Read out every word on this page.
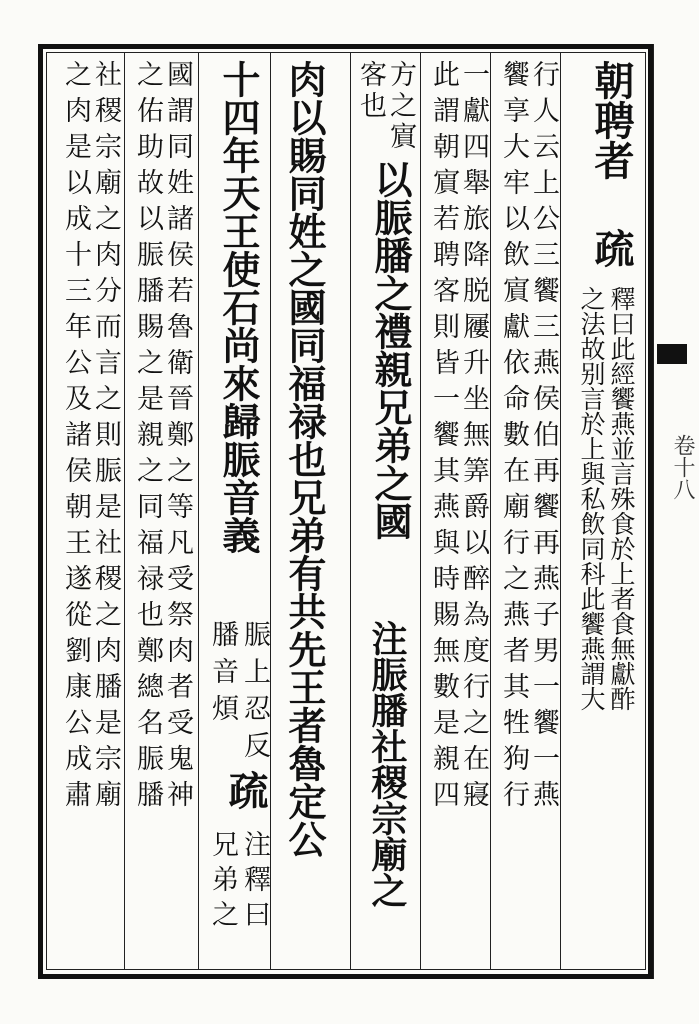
卷十八
朝聘者
疏
釋曰此經饗燕並言殊食於上者食無獻酢
之法故别言於上與私飲同科此饗燕謂大
行人云上公三饗三燕侯伯再饗再燕子男一饗一燕
饗享大牢以飲賔獻依命數在廟行之燕者其牲狗行
一獻四舉旅降脱屨升坐無筭爵以醉為度行之在寢
此謂朝賔若聘客則皆一饗其燕與時賜無數是親四
方之賔
客也
以脤膰之禮親兄弟之國
注脤膰社稷宗廟之
肉以賜同姓之國同福禄也兄弟有共先王者魯定公
十四年天王使石尚來歸脤音義
脤上忍反
膰音煩
疏
注釋曰
兄弟之
國謂同姓諸侯若魯衛晉鄭之等凡受祭肉者受鬼神
之佑助故以脤膰賜之是親之同福禄也鄭總名脤膰
社稷宗廟之肉分而言之則脤是社稷之肉膰是宗廟
之肉是以成十三年公及諸侯朝王遂從劉康公成肅
